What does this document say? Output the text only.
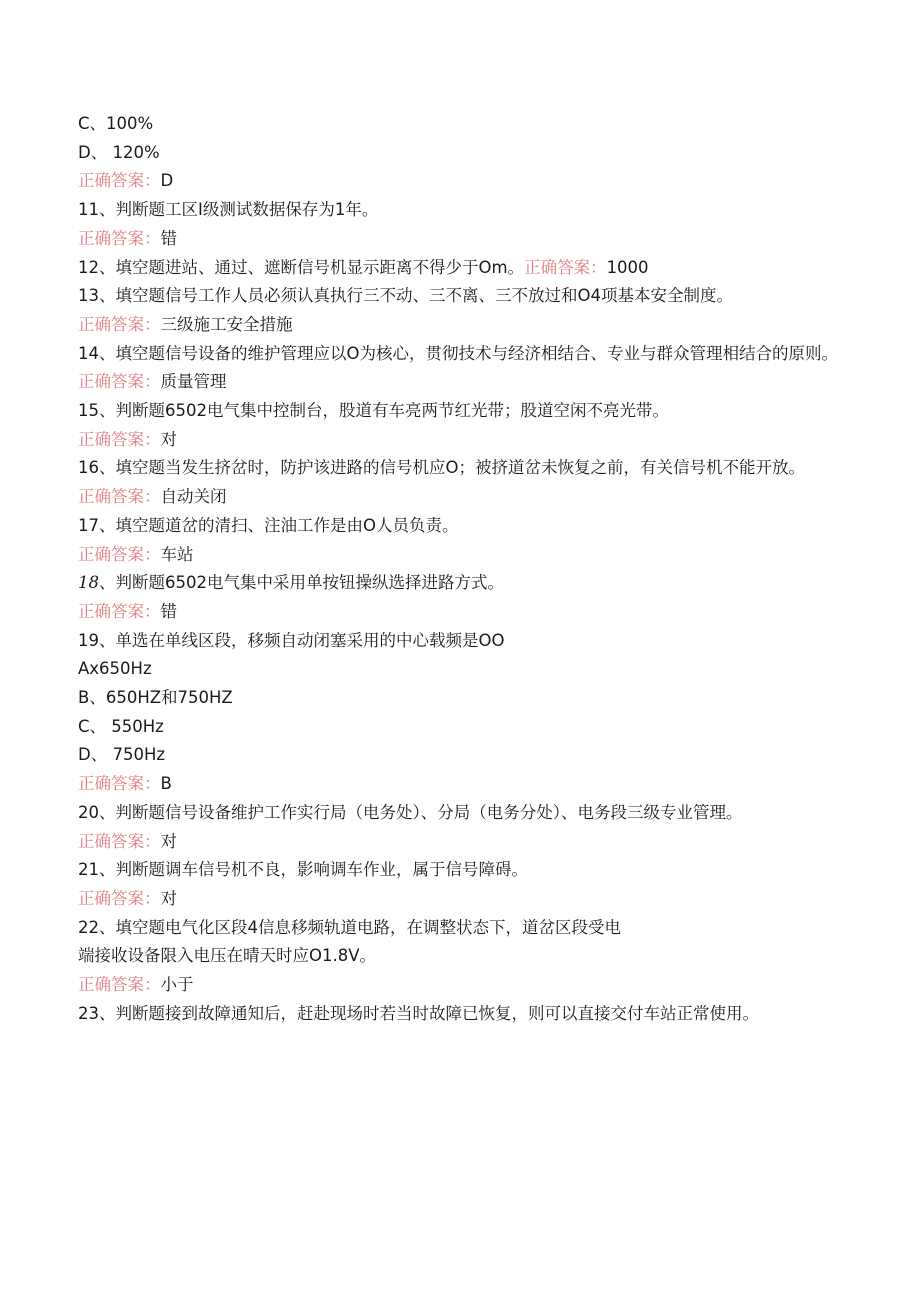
C、100%
D、 120%
正确答案：D
11、判断题工区I级测试数据保存为1年。
正确答案：错
12、填空题进站、通过、遮断信号机显示距离不得少于Om。正确答案：1000
13、填空题信号工作人员必须认真执行三不动、三不离、三不放过和O4项基本安全制度。
正确答案：三级施工安全措施
14、填空题信号设备的维护管理应以O为核心，贯彻技术与经济相结合、专业与群众管理相结合的原则。
正确答案：质量管理
15、判断题6502电气集中控制台，股道有车亮两节红光带；股道空闲不亮光带。
正确答案：对
16、填空题当发生挤岔时，防护该进路的信号机应O；被挤道岔未恢复之前，有关信号机不能开放。
正确答案：自动关闭
17、填空题道岔的清扫、注油工作是由O人员负责。
正确答案：车站
18、判断题6502电气集中采用单按钮操纵选择进路方式。
正确答案：错
19、单选在单线区段，移频自动闭塞采用的中心载频是OO
Ax650Hz
B、650HZ和750HZ
C、 550Hz
D、 750Hz
正确答案：B
20、判断题信号设备维护工作实行局（电务处）、分局（电务分处）、电务段三级专业管理。
正确答案：对
21、判断题调车信号机不良，影响调车作业，属于信号障碍。
正确答案：对
22、填空题电气化区段4信息移频轨道电路，在调整状态下，道岔区段受电
端接收设备限入电压在晴天时应O1.8V。
正确答案：小于
23、判断题接到故障通知后，赶赴现场时若当时故障已恢复，则可以直接交付车站正常使用。
